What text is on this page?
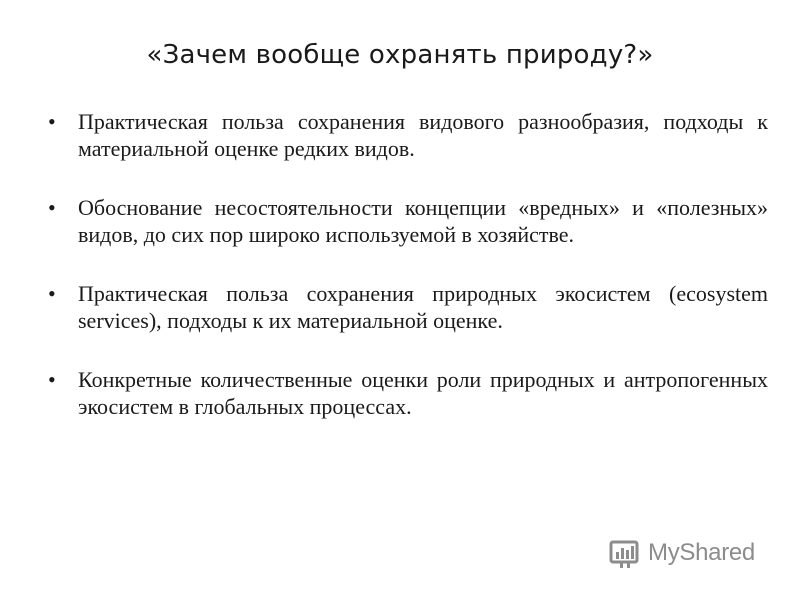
«Зачем вообще охранять природу?»
• Практическая польза сохранения видового разнообразия, подходы к материальной оценке редких видов.
• Обоснование несостоятельности концепции «вредных» и «полезных» видов, до сих пор широко используемой в хозяйстве.
• Практическая польза сохранения природных экосистем (ecosystem services), подходы к их материальной оценке.
• Конкретные количественные оценки роли природных и антропогенных экосистем в глобальных процессах.
MyShared
